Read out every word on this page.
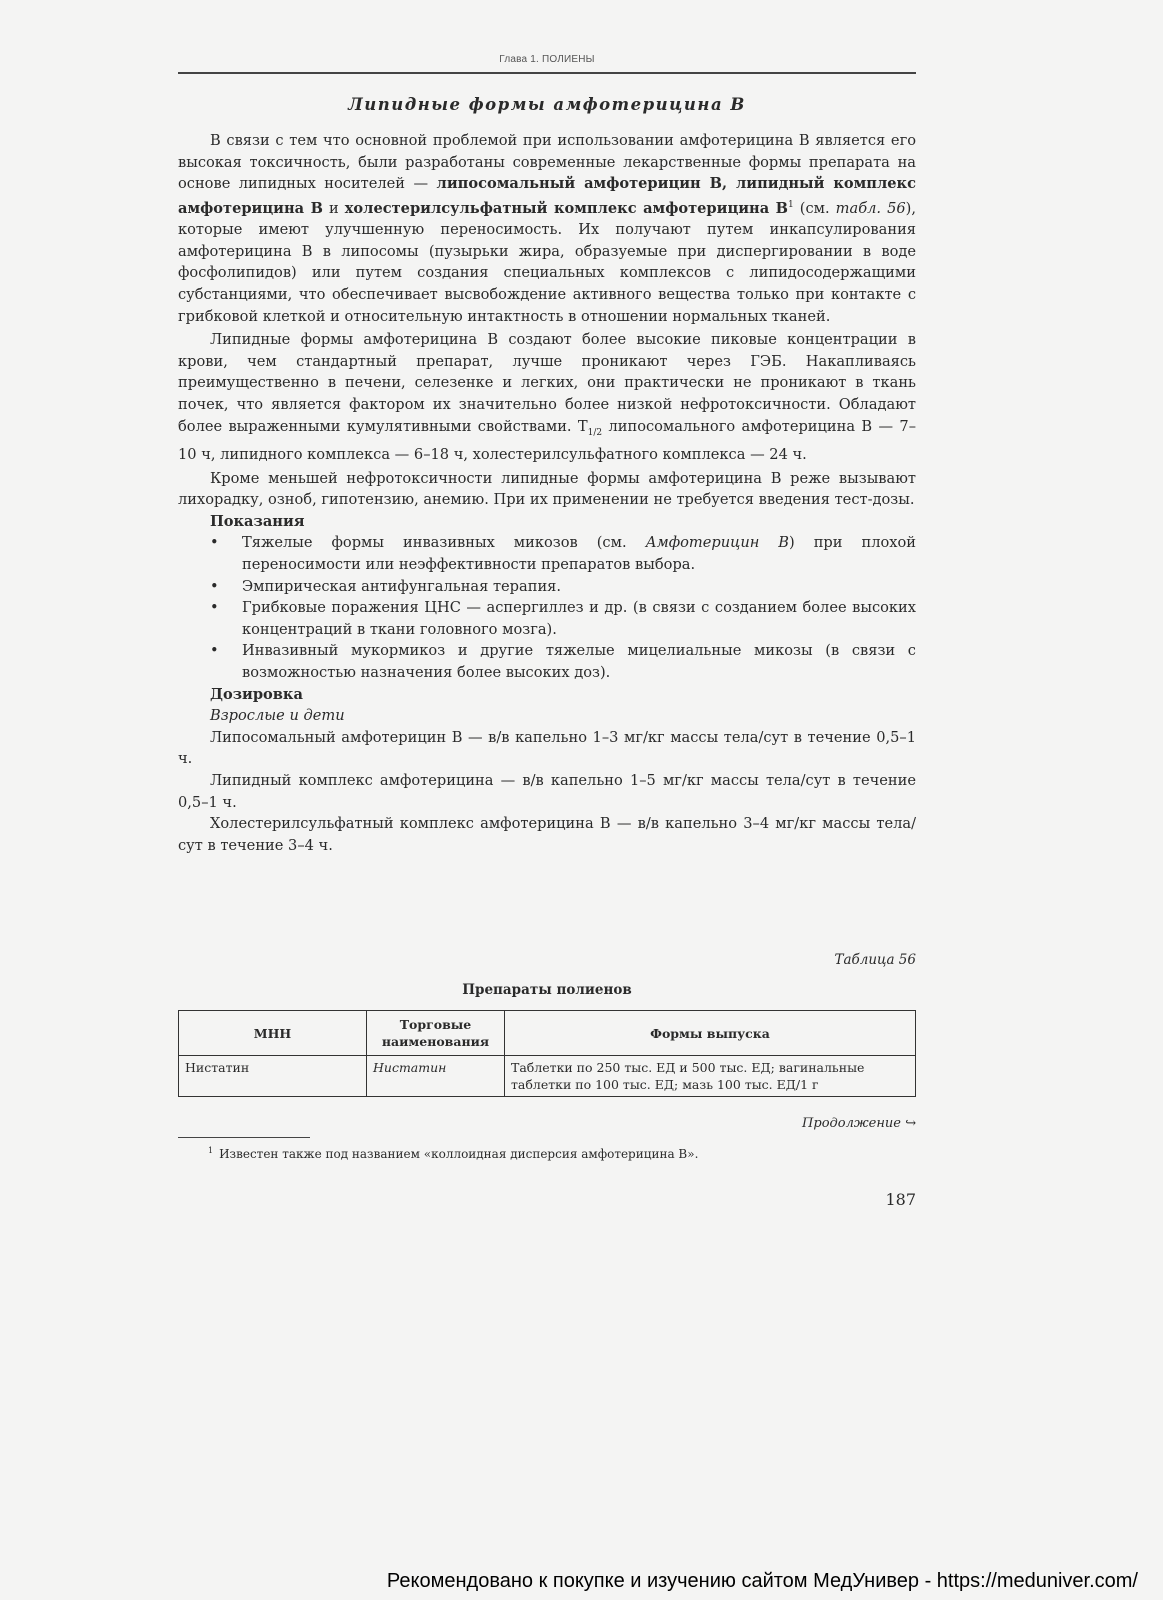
Глава 1. ПОЛИЕНЫ
Липидные формы амфотерицина В

В связи с тем что основной проблемой при использовании амфотерицина В является его высокая токсичность, были разработаны современные лекарственные формы препарата на основе липидных носителей — липосомальный амфотерицин В, липидный комплекс амфотерицина В и холестерилсульфатный комплекс амфотерицина $В^1$ (см. табл. 56), которые имеют улучшенную переносимость. Их получают путем инкапсулирования амфотерицина В в липосомы (пузырьки жира, образуемые при диспергировании в воде фосфолипидов) или путем создания специальных комплексов с липидосодержащими субстанциями, что обеспечивает высвобождение активного вещества только при контакте с грибковой клеткой и относительную интактность в отношении нормальных тканей.

Липидные формы амфотерицина В создают более высокие пиковые концентрации в крови, чем стандартный препарат, лучше проникают через ГЭБ. Накапливаясь преимущественно в печени, селезенке и легких, они практически не проникают в ткань почек, что является фактором их значительно более низкой нефротоксичности. Обладают более выраженными кумулятивными свойствами. $T_{1/2}$ липосомального амфотерицина В — 7–10 ч, липидного комплекса — 6–18 ч, холестерилсульфатного комплекса — 24 ч.

Кроме меньшей нефротоксичности липидные формы амфотерицина В реже вызывают лихорадку, озноб, гипотензию, анемию. При их применении не требуется введения тест-дозы.

Показания
• Тяжелые формы инвазивных микозов (см. Амфотерицин В) при плохой переносимости или неэффективности препаратов выбора.
• Эмпирическая антифунгальная терапия.
• Грибковые поражения ЦНС — аспергиллез и др. (в связи с созданием более высоких концентраций в ткани головного мозга).
• Инвазивный мукормикоз и другие тяжелые мицелиальные микозы (в связи с возможностью назначения более высоких доз).
Дозировка
Взрослые и дети

Липосомальный амфотерицин В — в/в капельно 1–3 мг/кг массы тела/сут в течение 0,5–1 ч.

Липидный комплекс амфотерицина — в/в капельно 1–5 мг/кг массы тела/сут в течение 0,5–1 ч.

Холестерилсульфатный комплекс амфотерицина В — в/в капельно 3–4 мг/кг массы тела/сут в течение 3–4 ч.

Таблица 56
Препараты полиенов
МНН	Торговые наименования	Формы выпуска
Нистатин	Нистатин	Таблетки по 250 тыс. ЕД и 500 тыс. ЕД; вагинальные таблетки по 100 тыс. ЕД; мазь 100 тыс. ЕД/1 г
Продолжение ↪
$^1$ Известен также под названием «коллоидная дисперсия амфотерицина В».
187
Рекомендовано к покупке и изучению сайтом МедУнивер - https://meduniver.com/
